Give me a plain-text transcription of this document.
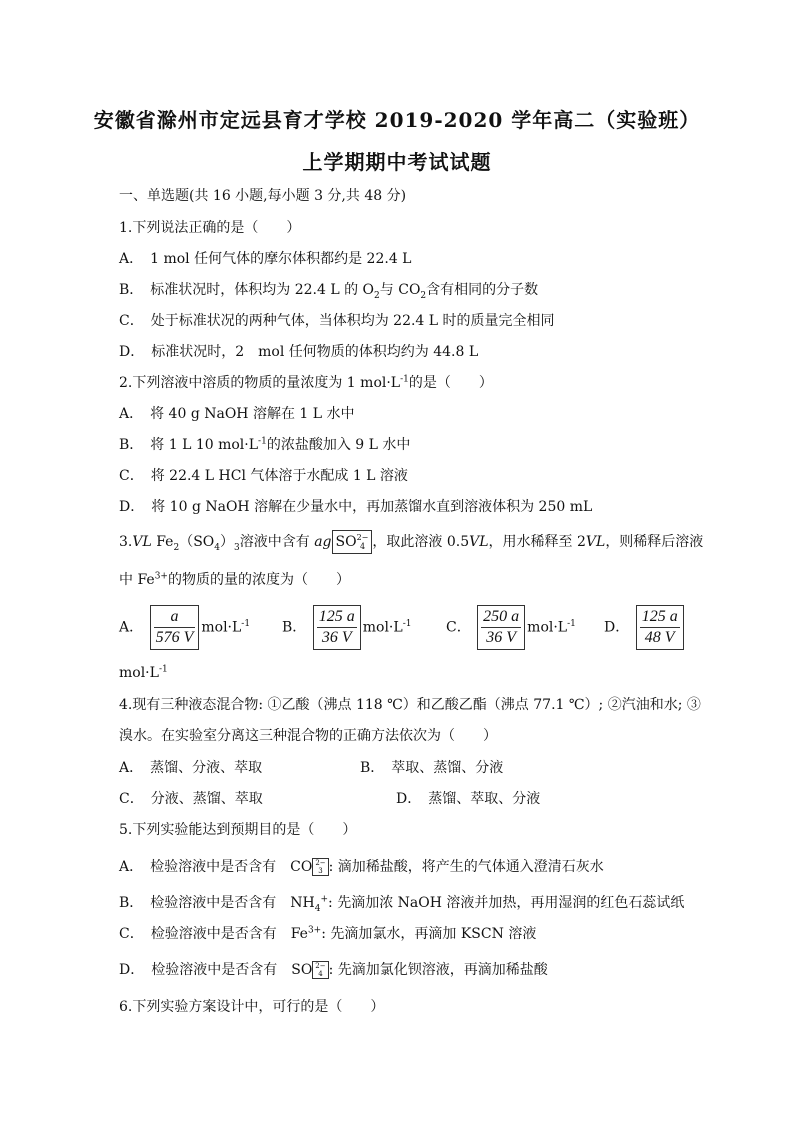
安徽省滁州市定远县育才学校 2019-2020 学年高二（实验班）
上学期期中考试试题
一、单选题(共 16 小题,每小题 3 分,共 48 分)
1.下列说法正确的是（　　）
A．　1 mol 任何气体的摩尔体积都约是 22.4 L
B．　标准状况时，体积均为 22.4 L 的 $O_2$与 $CO_2$含有相同的分子数
C．　处于标准状况的两种气体，当体积均为 22.4 L 时的质量完全相同
D．　标准状况时，2　mol 任何物质的体积均约为 44.8 L
2.下列溶液中溶质的物质的量浓度为 1 $mol\cdot L^{-1}$的是（　　）
A．　将 40 g NaOH 溶解在 1 L 水中
B．　将 1 L 10 $mol\cdot L^{-1}$的浓盐酸加入 9 L 水中
C．　将 22.4 L HCl 气体溶于水配成 1 L 溶液
D．　将 10 g NaOH 溶解在少量水中，再加蒸馏水直到溶液体积为 250 mL
3.VL $Fe_2(SO_4)_3$溶液中含有 ag SO2−
4 ，取此溶液 0.5VL，用水稀释至 2VL，则稀释后溶液
中 $Fe^{3+}$的物质的量的浓度为（　　）
A． $\frac{a}{576 V} mol\cdot L^{-1}$ B． $\frac{125 a}{36 V} mol\cdot L^{-1}$ C． $\frac{250 a}{36 V} mol\cdot L^{-1}$ D． $\frac{125 a}{48 V}$
$mol\cdot L^{-1}$
4.现有三种液态混合物: ①乙酸（沸点 118 ℃）和乙酸乙酯（沸点 77.1 ℃）; ②汽油和水; ③
溴水。在实验室分离这三种混合物的正确方法依次为（　　）
A．　蒸馏、分液、萃取	B．　萃取、蒸馏、分液
C．　分液、蒸馏、萃取	D．　蒸馏、萃取、分液
5.下列实验能达到预期目的是（　　）
A．　检验溶液中是否含有　CO 2−
3 : 滴加稀盐酸，将产生的气体通入澄清石灰水
B．　检验溶液中是否含有　$NH_4^+$: 先滴加浓 NaOH 溶液并加热，再用湿润的红色石蕊试纸
C．　检验溶液中是否含有　$Fe^{3+}$: 先滴加氯水，再滴加 KSCN 溶液
D．　检验溶液中是否含有　SO 2−
4 : 先滴加氯化钡溶液，再滴加稀盐酸
6.下列实验方案设计中，可行的是（　　）
